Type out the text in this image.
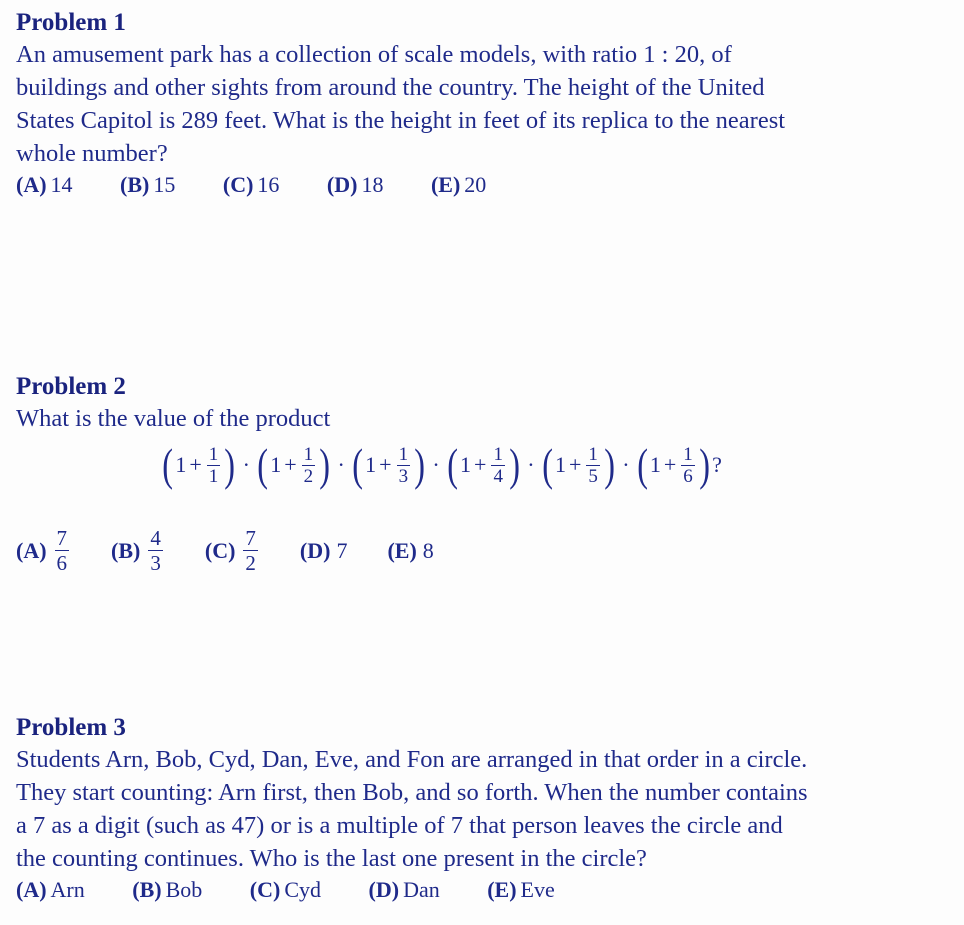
Problem 1
An amusement park has a collection of scale models, with ratio 1 : 20, of
buildings and other sights from around the country. The height of the United
States Capitol is 289 feet. What is the height in feet of its replica to the nearest
whole number?
(A) 14 (B) 15 (C) 16 (D) 18 (E) 20
Problem 2
What is the value of the product
( $1 + \frac{1}{1}$ ) · ( $1 + \frac{1}{2}$ ) · ( $1 + \frac{1}{3}$ ) · ( $1 + \frac{1}{4}$ ) · ( $1 + \frac{1}{5}$ ) · ( $1 + \frac{1}{6}$ ) ?
$(A) \frac{7}{6} (B) \frac{4}{3} (C) \frac{7}{2} (D)$ 7 (E) 8
Problem 3
Students Arn, Bob, Cyd, Dan, Eve, and Fon are arranged in that order in a circle.
They start counting: Arn first, then Bob, and so forth. When the number contains
a 7 as a digit (such as 47) or is a multiple of 7 that person leaves the circle and
the counting continues. Who is the last one present in the circle?
(A) Arn (B) Bob (C) Cyd (D) Dan (E) Eve
